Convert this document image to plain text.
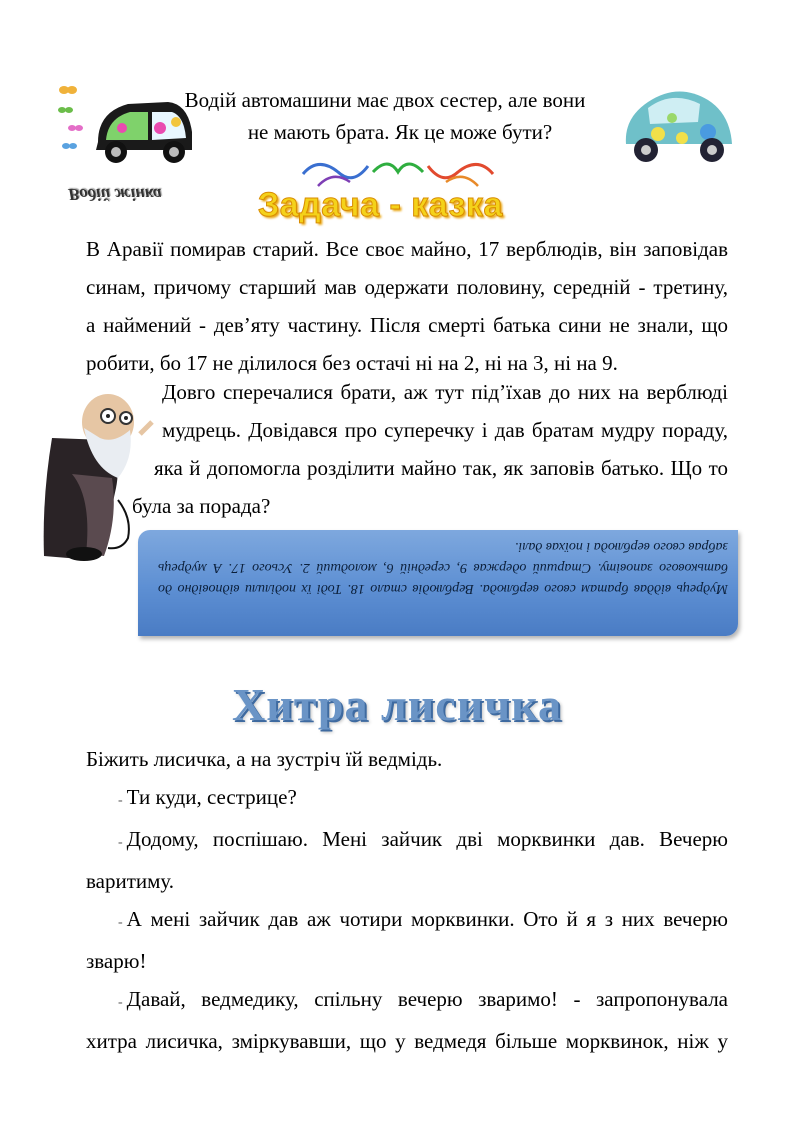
Водій автомашини має двох сестер, але вони
не мають брата. Як це може бути?
Водій жінка	Задача - казка
В Аравії помирав старий. Все своє майно, 17 верблюдів, він заповідав
синам, причому старший мав одержати половину, середній - третину,
а наймений - дев’яту частину. Після смерті батька сини не знали, що
робити, бо 17 не ділилося без остачі ні на 2, ні на 3, ні на 9.
Довго сперечалися брати, аж тут під’їхав до них на верблюді
мудрець. Довідався про суперечку і дав братам мудру пораду,
яка й допомогла розділити майно так, як заповів батько. Що то
була за порада?
Мудрець віддав братам свого верблюда. Верблюдів стало 18. Тоді їх поділили відповідно до батькового заповіту. Старший одержав 9, середній 6, молодший 2. Усього 17. А мудрець забрав свого верблюда і поїхав далі.
Хитра лисичка
Біжить лисичка, а на зустріч їй ведмідь.
- Ти куди, сестрице?
- Додому, поспішаю. Мені зайчик дві морквинки дав. Вечерю
варитиму.
- А мені зайчик дав аж чотири морквинки. Ото й я з них вечерю
зварю!
- Давай, ведмедику, спільну вечерю зваримо! - запропонувала
хитра лисичка, зміркувавши, що у ведмедя більше морквинок, ніж у
